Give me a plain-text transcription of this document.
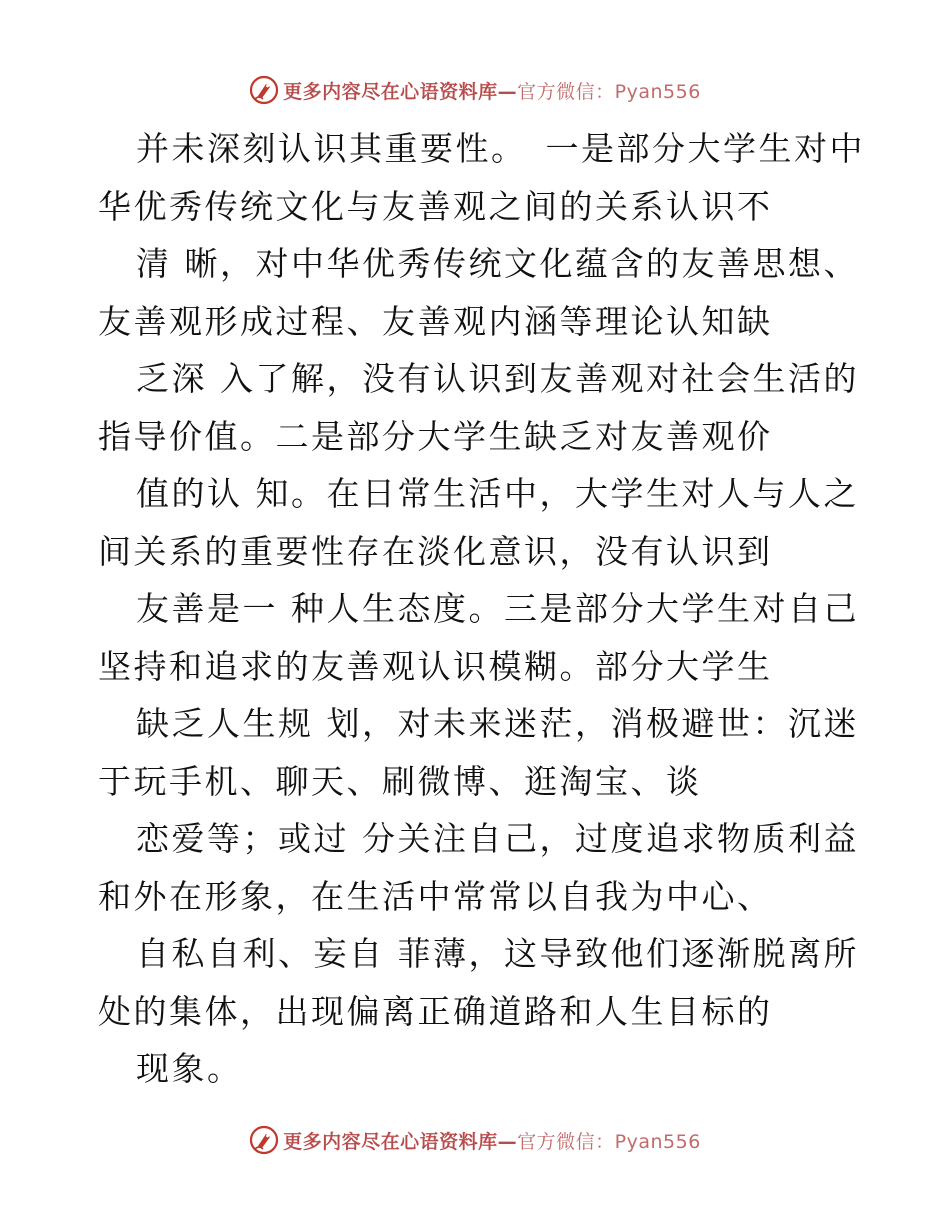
更多内容尽在心语资料库—官方微信：Pyan556
并未深刻认识其重要性。　一是部分大学生对中
华优秀传统文化与友善观之间的关系认识不
清 晰，对中华优秀传统文化蕴含的友善思想、
友善观形成过程、友善观内涵等理论认知缺
乏深 入了解，没有认识到友善观对社会生活的
指导价值。二是部分大学生缺乏对友善观价
值的认 知。在日常生活中，大学生对人与人之
间关系的重要性存在淡化意识，没有认识到
友善是一 种人生态度。三是部分大学生对自己
坚持和追求的友善观认识模糊。部分大学生
缺乏人生规 划，对未来迷茫，消极避世：沉迷
于玩手机、聊天、刷微博、逛淘宝、谈
恋爱等；或过 分关注自己，过度追求物质利益
和外在形象，在生活中常常以自我为中心、
自私自利、妄自 菲薄，这导致他们逐渐脱离所
处的集体，出现偏离正确道路和人生目标的
现象。
更多内容尽在心语资料库—官方微信：Pyan556
